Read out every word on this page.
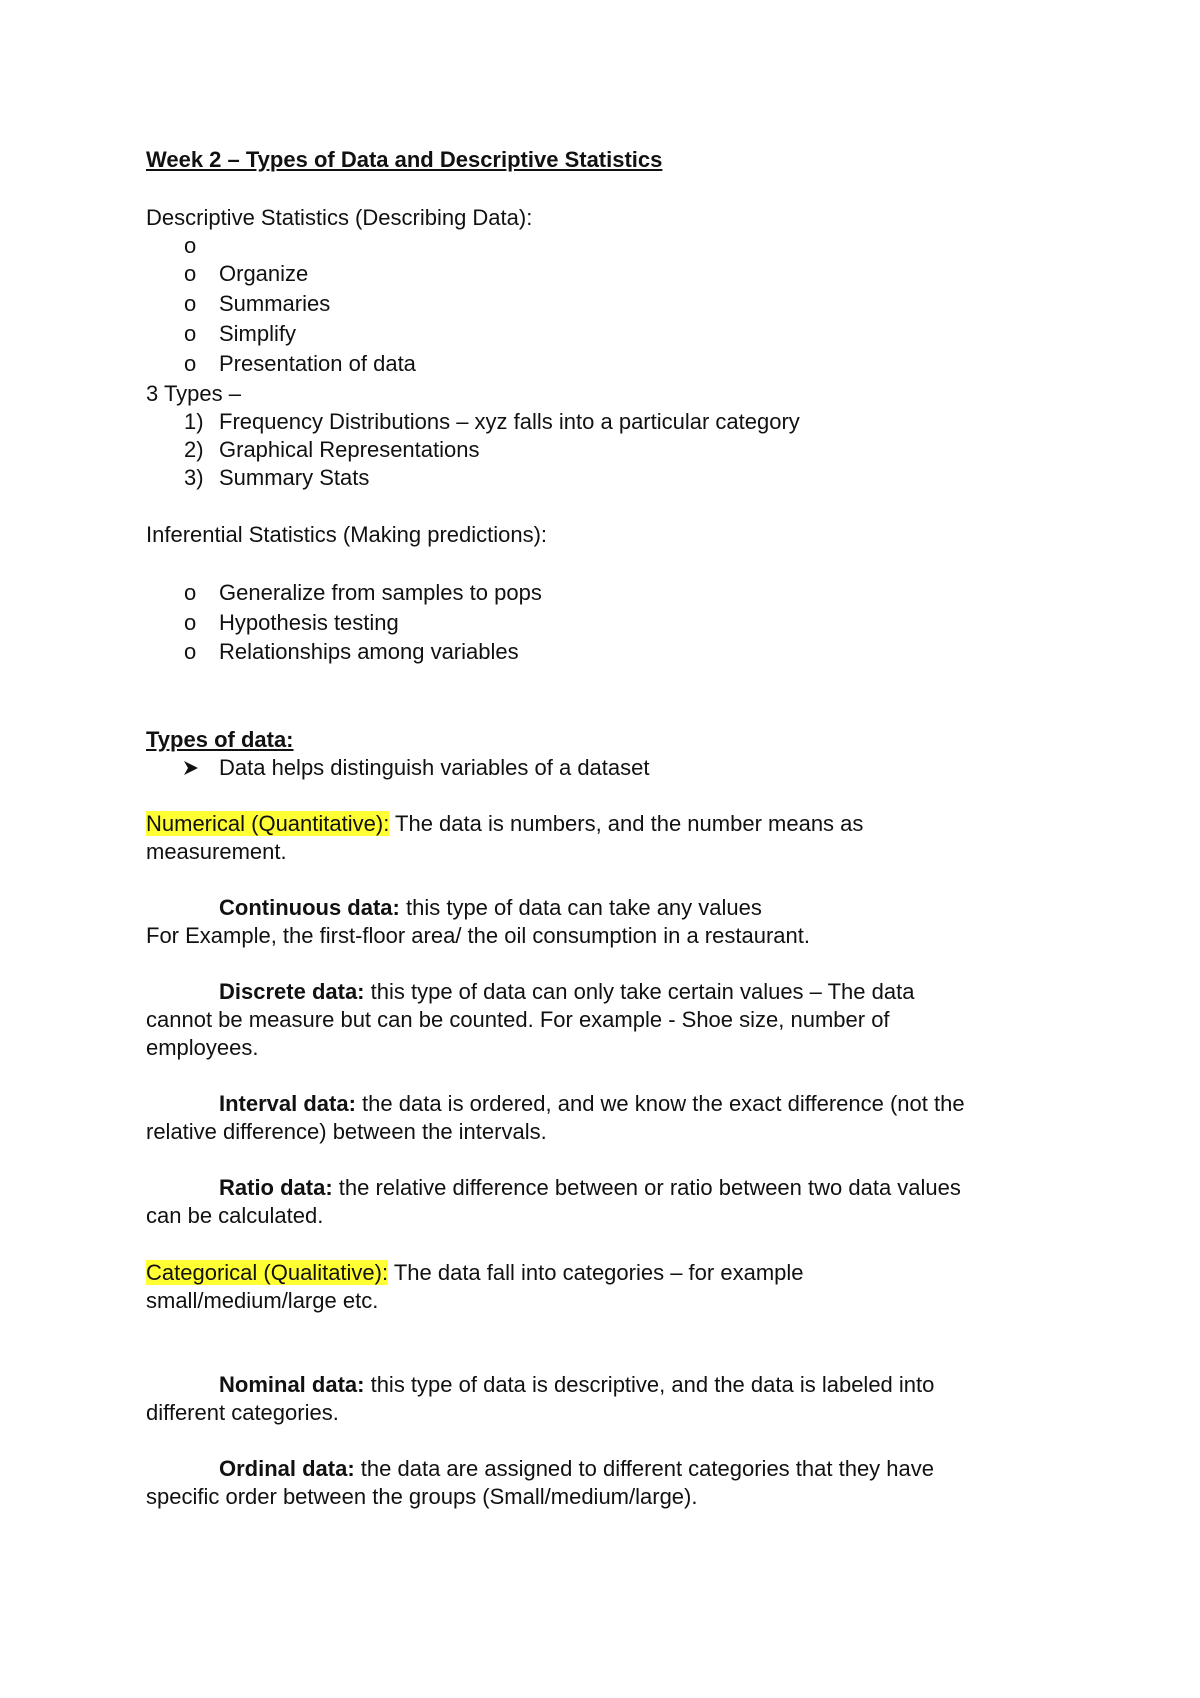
Week 2 – Types of Data and Descriptive Statistics
Descriptive Statistics (Describing Data):
o
o Organize
o Summaries
o Simplify
o Presentation of data
3 Types –
1) Frequency Distributions – xyz falls into a particular category
2) Graphical Representations
3) Summary Stats
Inferential Statistics (Making predictions):
o Generalize from samples to pops
o Hypothesis testing
o Relationships among variables
Types of data:
Data helps distinguish variables of a dataset
Numerical (Quantitative): The data is numbers, and the number means as
measurement.
Continuous data: this type of data can take any values
For Example, the first-floor area/ the oil consumption in a restaurant.
Discrete data: this type of data can only take certain values – The data
cannot be measure but can be counted. For example - Shoe size, number of
employees.
Interval data: the data is ordered, and we know the exact difference (not the
relative difference) between the intervals.
Ratio data: the relative difference between or ratio between two data values
can be calculated.
Categorical (Qualitative): The data fall into categories – for example
small/medium/large etc.
Nominal data: this type of data is descriptive, and the data is labeled into
different categories.
Ordinal data: the data are assigned to different categories that they have
specific order between the groups (Small/medium/large).
